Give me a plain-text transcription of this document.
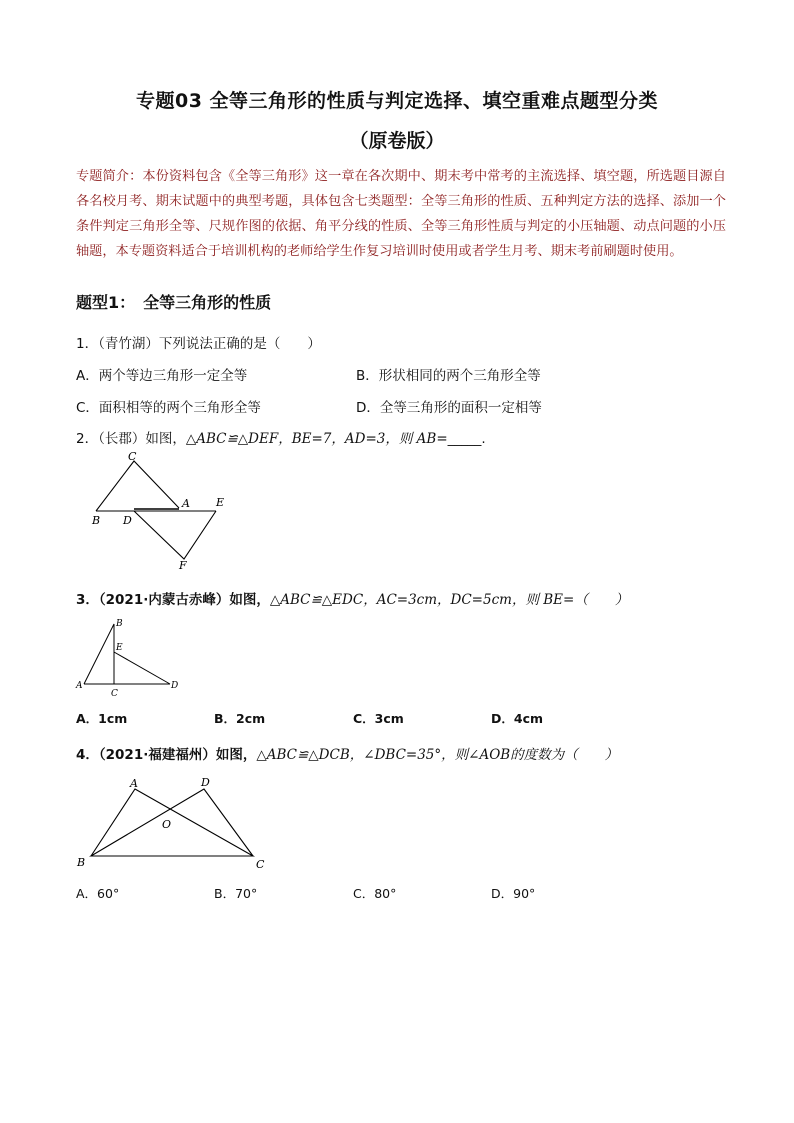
专题03 全等三角形的性质与判定选择、填空重难点题型分类
（原卷版）
专题简介：本份资料包含《全等三角形》这一章在各次期中、期末考中常考的主流选择、填空题，所选题目源自各名校月考、期末试题中的典型考题，具体包含七类题型：全等三角形的性质、五种判定方法的选择、添加一个条件判定三角形全等、尺规作图的依据、角平分线的性质、全等三角形性质与判定的小压轴题、动点问题的小压轴题，本专题资料适合于培训机构的老师给学生作复习培训时使用或者学生月考、期末考前刷题时使用。
题型1：　全等三角形的性质
1．（青竹湖）下列说法正确的是（　　）
A．两个等边三角形一定全等	B．形状相同的两个三角形全等
C．面积相等的两个三角形全等	D．全等三角形的面积一定相等
2．（长郡）如图，△ABC≌△DEF，BE=7，AD=3，则 AB=_____.
C
B D
A E
F
3．（2021·内蒙古赤峰）如图，△ABC≌△EDC，AC=3cm，DC=5cm，则 BE=（　　）
B
E
A
C
D
A．1cm	B．2cm	C．3cm	D．4cm
4．（2021·福建福州）如图，△ABC≌△DCB，∠DBC=35°，则∠AOB的度数为（　　）
A	D
O
B	C
A．60°	B．70°	C．80°	D．90°
